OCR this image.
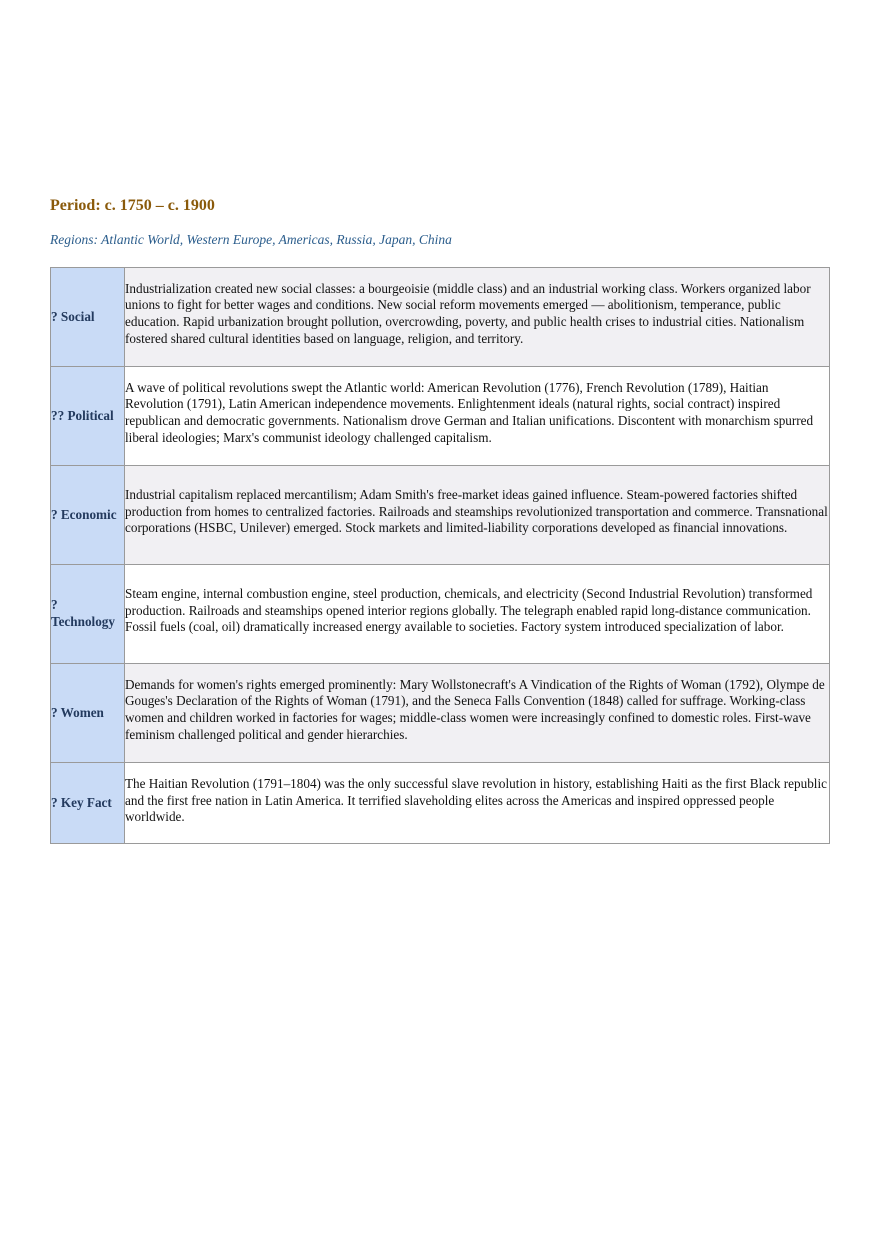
Period: c. 1750 – c. 1900

Regions: Atlantic World, Western Europe, Americas, Russia, Japan, China

? Social	Industrialization created new social classes: a bourgeoisie (middle class) and an industrial working class. Workers organized labor unions to fight for better wages and conditions. New social reform movements emerged — abolitionism, temperance, public education. Rapid urbanization brought pollution, overcrowding, poverty, and public health crises to industrial cities. Nationalism fostered shared cultural identities based on language, religion, and territory.

?? Political	A wave of political revolutions swept the Atlantic world: American Revolution (1776), French Revolution (1789), Haitian Revolution (1791), Latin American independence movements. Enlightenment ideals (natural rights, social contract) inspired republican and democratic governments. Nationalism drove German and Italian unifications. Discontent with monarchism spurred liberal ideologies; Marx's communist ideology challenged capitalism.

? Economic	Industrial capitalism replaced mercantilism; Adam Smith's free-market ideas gained influence. Steam-powered factories shifted production from homes to centralized factories. Railroads and steamships revolutionized transportation and commerce. Transnational corporations (HSBC, Unilever) emerged. Stock markets and limited-liability corporations developed as financial innovations.

? Technology	Steam engine, internal combustion engine, steel production, chemicals, and electricity (Second Industrial Revolution) transformed production. Railroads and steamships opened interior regions globally. The telegraph enabled rapid long-distance communication. Fossil fuels (coal, oil) dramatically increased energy available to societies. Factory system introduced specialization of labor.

? Women	Demands for women's rights emerged prominently: Mary Wollstonecraft's A Vindication of the Rights of Woman (1792), Olympe de Gouges's Declaration of the Rights of Woman (1791), and the Seneca Falls Convention (1848) called for suffrage. Working-class women and children worked in factories for wages; middle-class women were increasingly confined to domestic roles. First-wave feminism challenged political and gender hierarchies.

? Key Fact	The Haitian Revolution (1791–1804) was the only successful slave revolution in history, establishing Haiti as the first Black republic and the first free nation in Latin America. It terrified slaveholding elites across the Americas and inspired oppressed people worldwide.
